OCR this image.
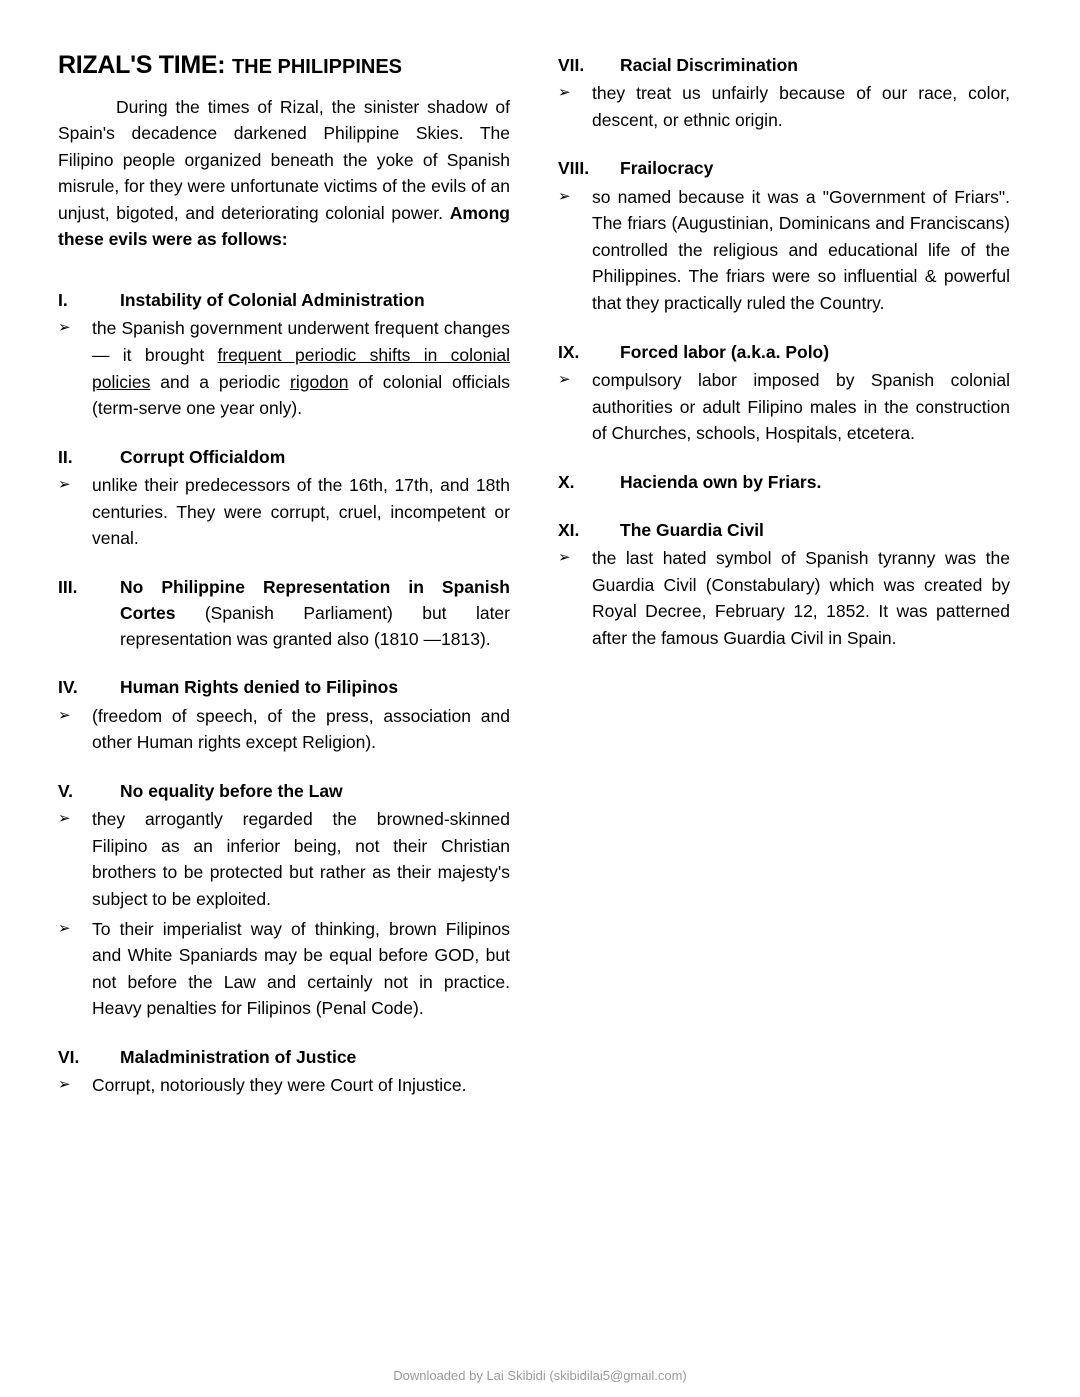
RIZAL'S TIME: THE PHILIPPINES

During the times of Rizal, the sinister shadow of Spain's decadence darkened Philippine Skies. The Filipino people organized beneath the yoke of Spanish misrule, for they were unfortunate victims of the evils of an unjust, bigoted, and deteriorating colonial power. Among these evils were as follows:

I.	Instability of Colonial Administration
➢	the Spanish government underwent frequent changes — it brought frequent periodic shifts in colonial policies and a periodic rigodon of colonial officials (term-serve one year only).
II.	Corrupt Officialdom
➢	unlike their predecessors of the 16th, 17th, and 18th centuries. They were corrupt, cruel, incompetent or venal.
III.	No Philippine Representation in Spanish Cortes (Spanish Parliament) but later representation was granted also (1810 —1813).
IV.	Human Rights denied to Filipinos
➢	(freedom of speech, of the press, association and other Human rights except Religion).
V.	No equality before the Law
➢	they arrogantly regarded the browned-skinned Filipino as an inferior being, not their Christian brothers to be protected but rather as their majesty's subject to be exploited.
➢	To their imperialist way of thinking, brown Filipinos and White Spaniards may be equal before GOD, but not before the Law and certainly not in practice. Heavy penalties for Filipinos (Penal Code).
VI.	Maladministration of Justice
➢	Corrupt, notoriously they were Court of Injustice.
VII.	Racial Discrimination
➢	they treat us unfairly because of our race, color, descent, or ethnic origin.
VIII.	Frailocracy
➢	so named because it was a "Government of Friars". The friars (Augustinian, Dominicans and Franciscans) controlled the religious and educational life of the Philippines. The friars were so influential & powerful that they practically ruled the Country.
IX.	Forced labor (a.k.a. Polo)
➢	compulsory labor imposed by Spanish colonial authorities or adult Filipino males in the construction of Churches, schools, Hospitals, etcetera.
X.	Hacienda own by Friars.
XI.	The Guardia Civil
➢	the last hated symbol of Spanish tyranny was the Guardia Civil (Constabulary) which was created by Royal Decree, February 12, 1852. It was patterned after the famous Guardia Civil in Spain.
Downloaded by Lai Skibidi (skibidilai5@gmail.com)
